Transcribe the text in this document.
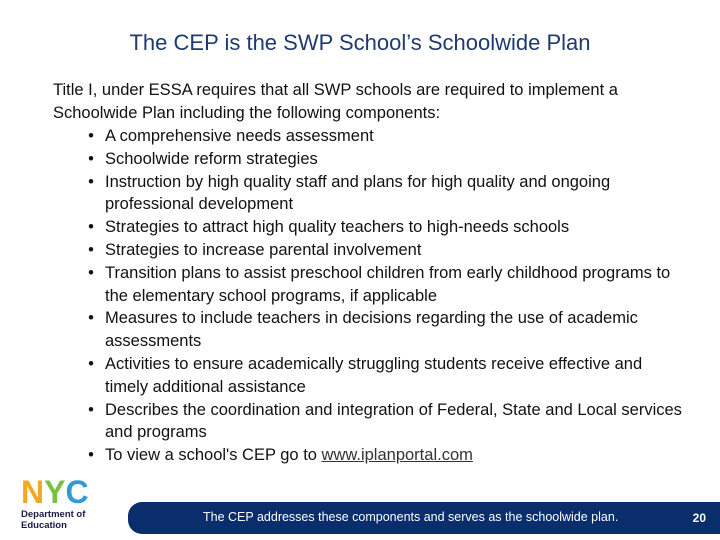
The CEP is the SWP School’s Schoolwide Plan
Title I, under ESSA requires that all SWP schools are required to implement a Schoolwide Plan including the following components:
• A comprehensive needs assessment
• Schoolwide reform strategies
• Instruction by high quality staff and plans for high quality and ongoing professional development
• Strategies to attract high quality teachers to high-needs schools
• Strategies to increase parental involvement
• Transition plans to assist preschool children from early childhood programs to the elementary school programs, if applicable
• Measures to include teachers in decisions regarding the use of academic assessments
• Activities to ensure academically struggling students receive effective and timely additional assistance
• Describes the coordination and integration of Federal, State and Local services and programs
• To view a school's CEP go to www.iplanportal.com
NYC
Department of
Education
The CEP addresses these components and serves as the schoolwide plan.	20
